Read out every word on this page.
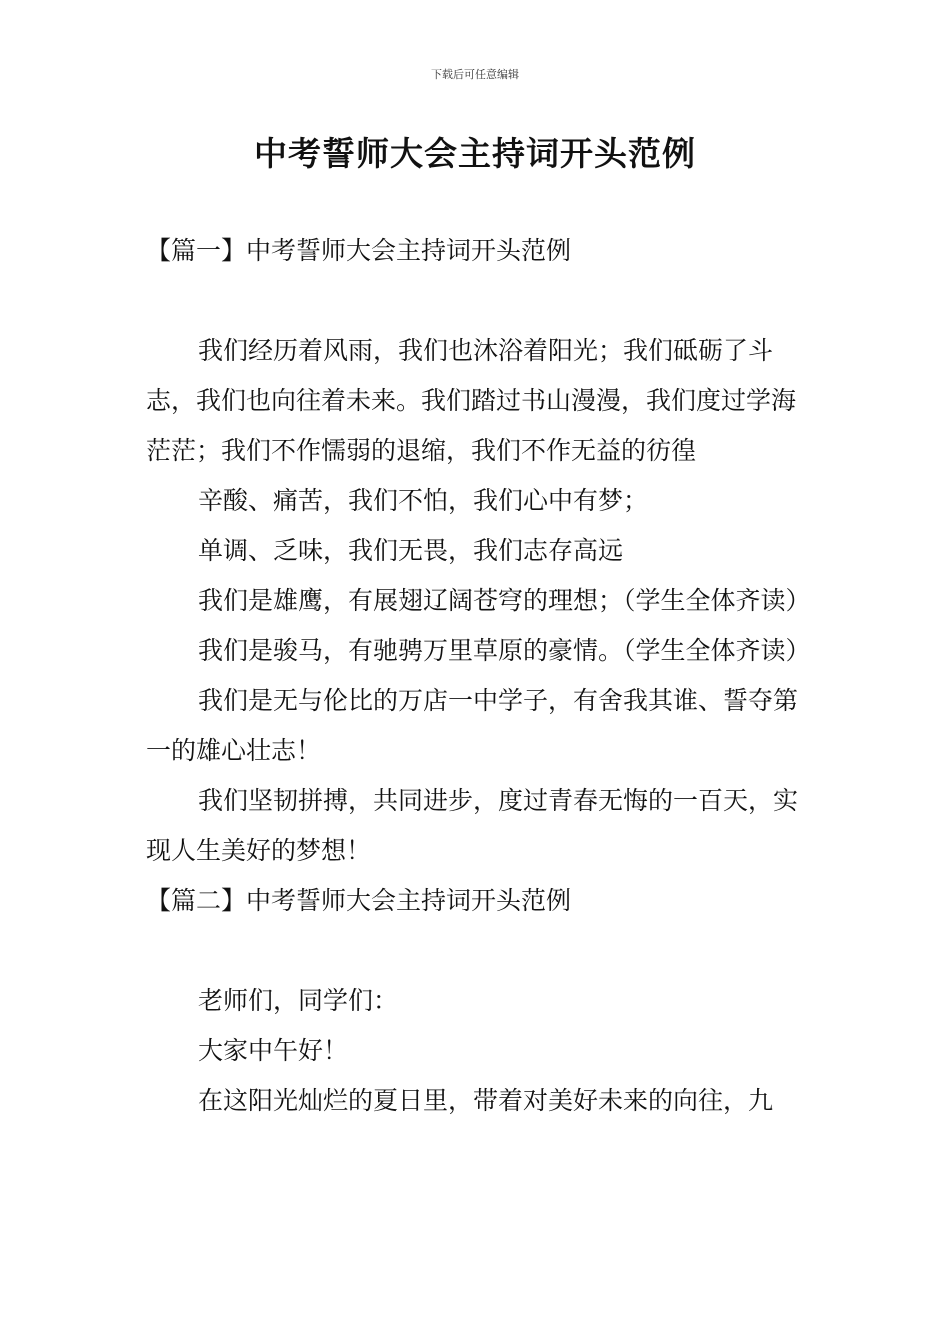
下载后可任意编辑
中考誓师大会主持词开头范例

【篇一】中考誓师大会主持词开头范例

我们经历着风雨，我们也沐浴着阳光；我们砥砺了斗志，我们也向往着未来。我们踏过书山漫漫，我们度过学海茫茫；我们不作懦弱的退缩，我们不作无益的彷徨

辛酸、痛苦，我们不怕，我们心中有梦；

单调、乏味，我们无畏，我们志存高远

我们是雄鹰，有展翅辽阔苍穹的理想；（学生全体齐读）

我们是骏马，有驰骋万里草原的豪情。（学生全体齐读）

我们是无与伦比的万店一中学子，有舍我其谁、誓夺第一的雄心壮志！

我们坚韧拼搏，共同进步，度过青春无悔的一百天，实现人生美好的梦想！

【篇二】中考誓师大会主持词开头范例

老师们，同学们：

大家中午好！

在这阳光灿烂的夏日里，带着对美好未来的向往，九
